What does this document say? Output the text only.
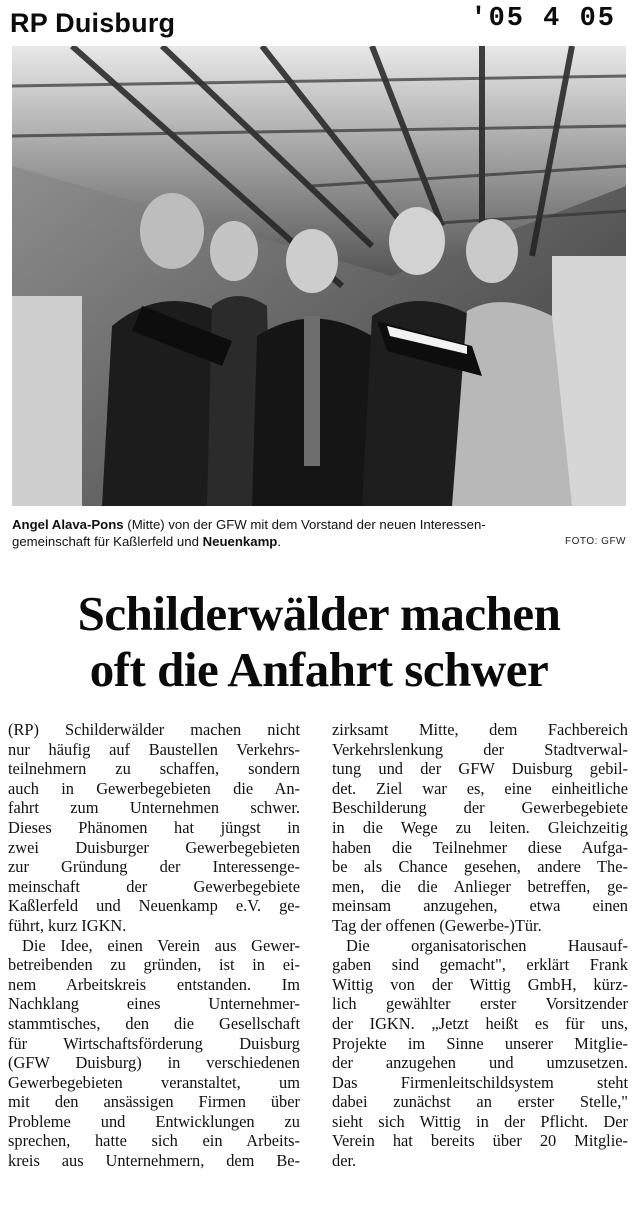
RP Duisburg	'05 4 05
Angel Alava-Pons (Mitte) von der GFW mit dem Vorstand der neuen Interessen-
gemeinschaft für Kaßlerfeld und Neuenkamp.	FOTO: GFW
Schilderwälder machen
oft die Anfahrt schwer
(RP) Schilderwälder machen nicht
nur häufig auf Baustellen Verkehrs-
teilnehmern zu schaffen, sondern
auch in Gewerbegebieten die An-
fahrt zum Unternehmen schwer.
Dieses Phänomen hat jüngst in
zwei Duisburger Gewerbegebieten
zur Gründung der Interessenge-
meinschaft der Gewerbegebiete
Kaßlerfeld und Neuenkamp e.V. ge-
führt, kurz IGKN.
Die Idee, einen Verein aus Gewer-
betreibenden zu gründen, ist in ei-
nem Arbeitskreis entstanden. Im
Nachklang eines Unternehmer-
stammtisches, den die Gesellschaft
für Wirtschaftsförderung Duisburg
(GFW Duisburg) in verschiedenen
Gewerbegebieten veranstaltet, um
mit den ansässigen Firmen über
Probleme und Entwicklungen zu
sprechen, hatte sich ein Arbeits-
kreis aus Unternehmern, dem Be-
zirksamt Mitte, dem Fachbereich
Verkehrslenkung der Stadtverwal-
tung und der GFW Duisburg gebil-
det. Ziel war es, eine einheitliche
Beschilderung der Gewerbegebiete
in die Wege zu leiten. Gleichzeitig
haben die Teilnehmer diese Aufga-
be als Chance gesehen, andere The-
men, die die Anlieger betreffen, ge-
meinsam anzugehen, etwa einen
Tag der offenen (Gewerbe-)Tür.
Die organisatorischen Hausauf-
gaben sind gemacht", erklärt Frank
Wittig von der Wittig GmbH, kürz-
lich gewählter erster Vorsitzender
der IGKN. „Jetzt heißt es für uns,
Projekte im Sinne unserer Mitglie-
der anzugehen und umzusetzen.
Das Firmenleitschildsystem steht
dabei zunächst an erster Stelle,"
sieht sich Wittig in der Pflicht. Der
Verein hat bereits über 20 Mitglie-
der.
